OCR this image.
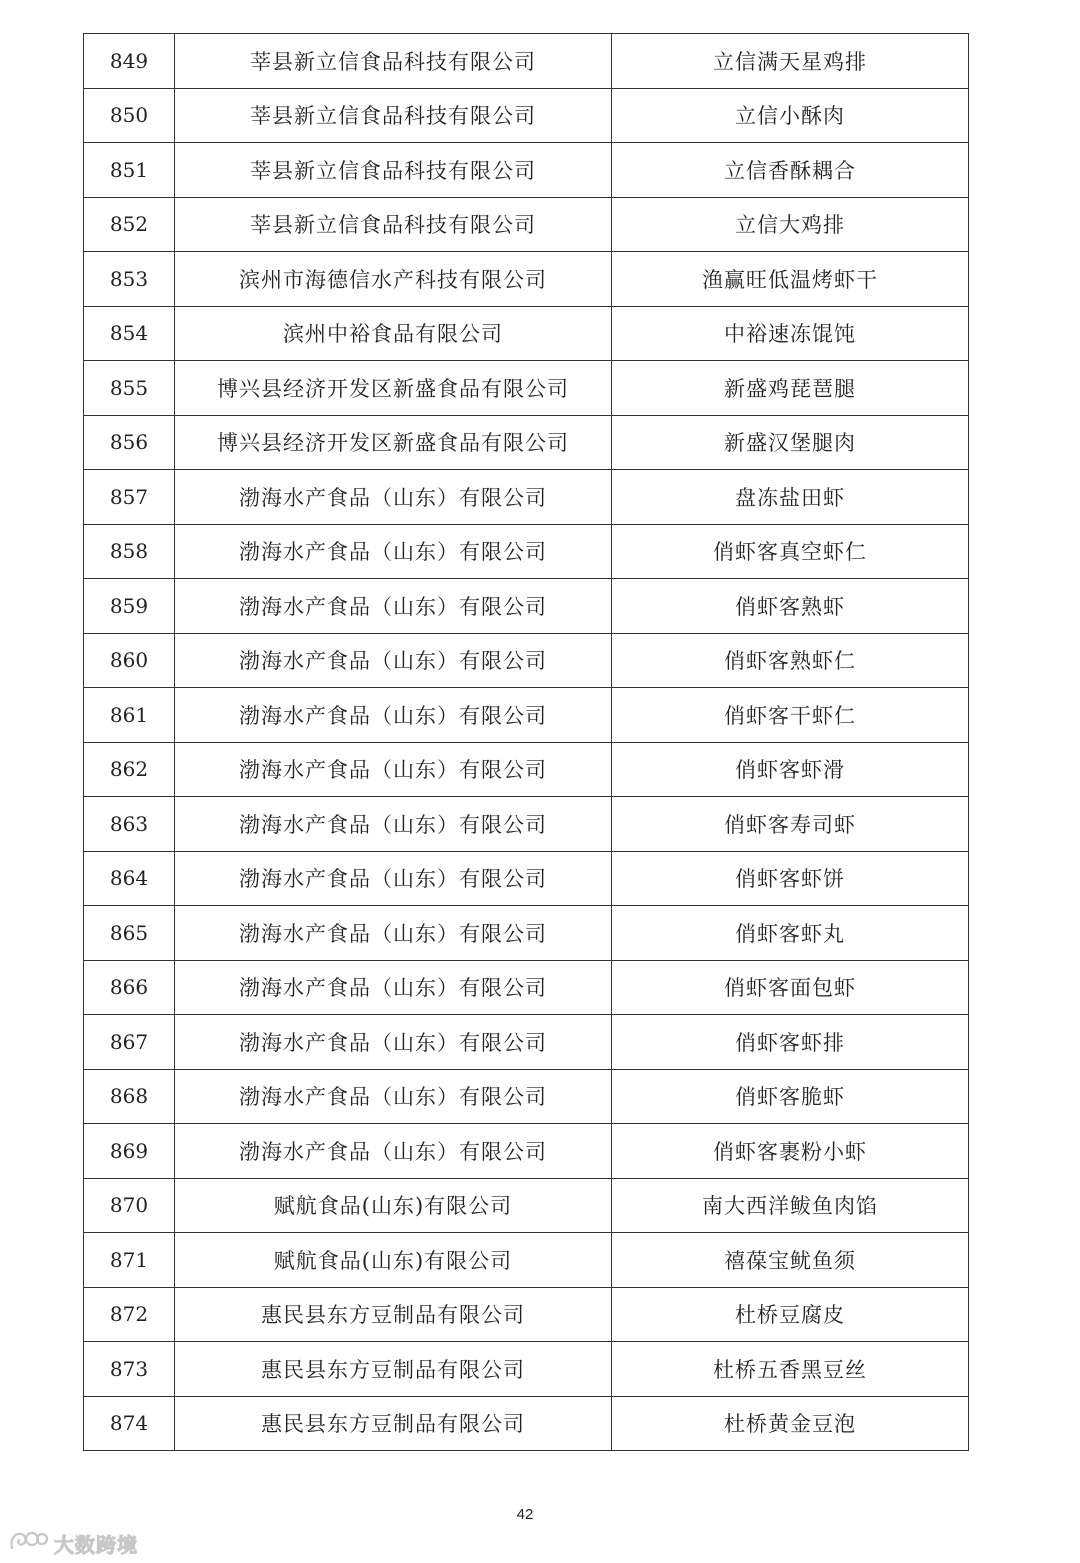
849	莘县新立信食品科技有限公司	立信满天星鸡排
850	莘县新立信食品科技有限公司	立信小酥肉
851	莘县新立信食品科技有限公司	立信香酥耦合
852	莘县新立信食品科技有限公司	立信大鸡排
853	滨州市海德信水产科技有限公司	渔赢旺低温烤虾干
854	滨州中裕食品有限公司	中裕速冻馄饨
855	博兴县经济开发区新盛食品有限公司	新盛鸡琵琶腿
856	博兴县经济开发区新盛食品有限公司	新盛汉堡腿肉
857	渤海水产食品（山东）有限公司	盘冻盐田虾
858	渤海水产食品（山东）有限公司	俏虾客真空虾仁
859	渤海水产食品（山东）有限公司	俏虾客熟虾
860	渤海水产食品（山东）有限公司	俏虾客熟虾仁
861	渤海水产食品（山东）有限公司	俏虾客干虾仁
862	渤海水产食品（山东）有限公司	俏虾客虾滑
863	渤海水产食品（山东）有限公司	俏虾客寿司虾
864	渤海水产食品（山东）有限公司	俏虾客虾饼
865	渤海水产食品（山东）有限公司	俏虾客虾丸
866	渤海水产食品（山东）有限公司	俏虾客面包虾
867	渤海水产食品（山东）有限公司	俏虾客虾排
868	渤海水产食品（山东）有限公司	俏虾客脆虾
869	渤海水产食品（山东）有限公司	俏虾客裹粉小虾
870	赋航食品(山东)有限公司	南大西洋鲅鱼肉馅
871	赋航食品(山东)有限公司	禧葆宝鱿鱼须
872	惠民县东方豆制品有限公司	杜桥豆腐皮
873	惠民县东方豆制品有限公司	杜桥五香黑豆丝
874	惠民县东方豆制品有限公司	杜桥黄金豆泡
42
大数跨境
